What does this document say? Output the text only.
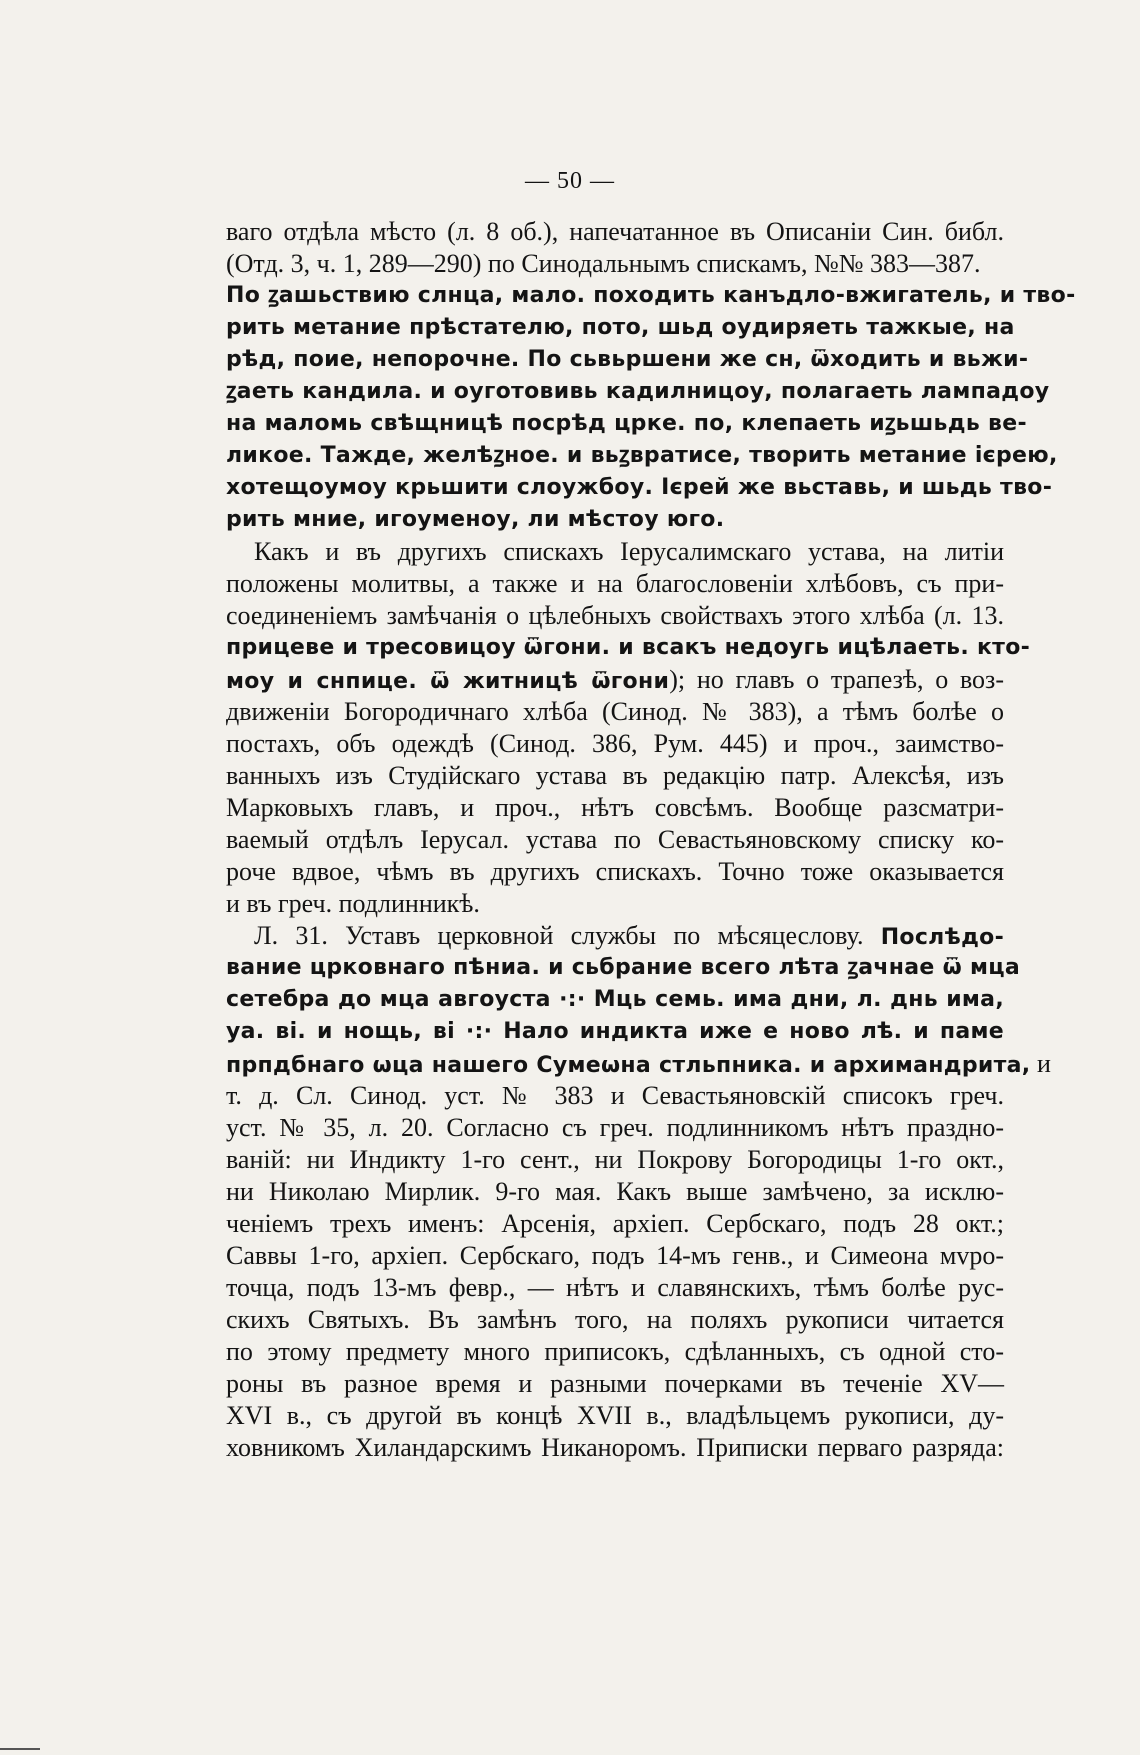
— 50 —
ваго отдѣла мѣсто (л. 8 об.), напечатанное въ Описаніи Син. библ.
(Отд. 3, ч. 1, 289—290) по Синодальнымъ спискамъ, №№ 383—387.
По ꙁашьствию слнца, мало. походить канъдло-вжигатель, и тво-
рить метание прѣстателю, пото, шьд оудиряеть тажкые, на
рѣд, поие, непорочне. По сьвьршени же сн, ѿходить и вьжи-
ꙁаеть кандила. и оуготовивь кадилницоу, полагаеть лампадоу
на маломь свѣщницѣ посрѣд црке. по, клепаеть иꙁьшьдь ве-
ликое. Тажде, желѣꙁное. и вьꙁвратисе, творить метание ієрею,
хотещоумоу крьшити слоужбоу. Ієрей же вьставь, и шьдь тво-
рить мние, игоуменоу, ли мѣстоу юго.
Какъ и въ другихъ спискахъ Іерусалимскаго устава, на литіи
положены молитвы, а также и на благословеніи хлѣбовъ, съ при-
соединеніемъ замѣчанія о цѣлебныхъ свойствахъ этого хлѣба (л. 13.
прицеве и тресовицоу ѿгони. и всакъ недоугь ицѣлаеть. кто-
моу и снпице. ѿ житницѣ ѿгони); но главъ о трапезѣ, о воз-
движеніи Богородичнаго хлѣба (Синод. № 383), а тѣмъ болѣе о
постахъ, объ одеждѣ (Синод. 386, Рум. 445) и проч., заимство-
ванныхъ изъ Студійскаго устава въ редакцію патр. Алексѣя, изъ
Марковыхъ главъ, и проч., нѣтъ совсѣмъ. Вообще разсматри-
ваемый отдѣлъ Іерусал. устава по Севастьяновскому списку ко-
роче вдвое, чѣмъ въ другихъ спискахъ. Точно тоже оказывается
и въ греч. подлинникѣ.
Л. 31. Уставъ церковной службы по мѣсяцеслову. Послѣдо-
вание црковнаго пѣниа. и сьбрание всего лѣта ꙁачнае ѿ мца
сетебра до мца авгоуста ·:· Мць семь. има дни, л. днь има,
уа. ві. и нощь, ві ·:· Нало индикта иже е ново лѣ. и паме
прпдбнаго ѡца нашего Сумеѡна стльпника. и архимандрита, и
т. д. Сл. Синод. уст. № 383 и Севастьяновскій списокъ греч.
уст. № 35, л. 20. Согласно съ греч. подлинникомъ нѣтъ праздно-
ваній: ни Индикту 1-го сент., ни Покрову Богородицы 1-го окт.,
ни Николаю Мирлик. 9-го мая. Какъ выше замѣчено, за исклю-
ченіемъ трехъ именъ: Арсенія, архіеп. Сербскаго, подъ 28 окт.;
Саввы 1-го, архіеп. Сербскаго, подъ 14-мъ генв., и Симеона мvро-
точца, подъ 13-мъ февр., — нѣтъ и славянскихъ, тѣмъ болѣе рус-
скихъ Святыхъ. Въ замѣнъ того, на поляхъ рукописи читается
по этому предмету много приписокъ, сдѣланныхъ, съ одной сто-
роны въ разное время и разными почерками въ теченіе XV—
XVI в., съ другой въ концѣ XVII в., владѣльцемъ рукописи, ду-
ховникомъ Хиландарскимъ Никаноромъ. Приписки перваго разряда:
